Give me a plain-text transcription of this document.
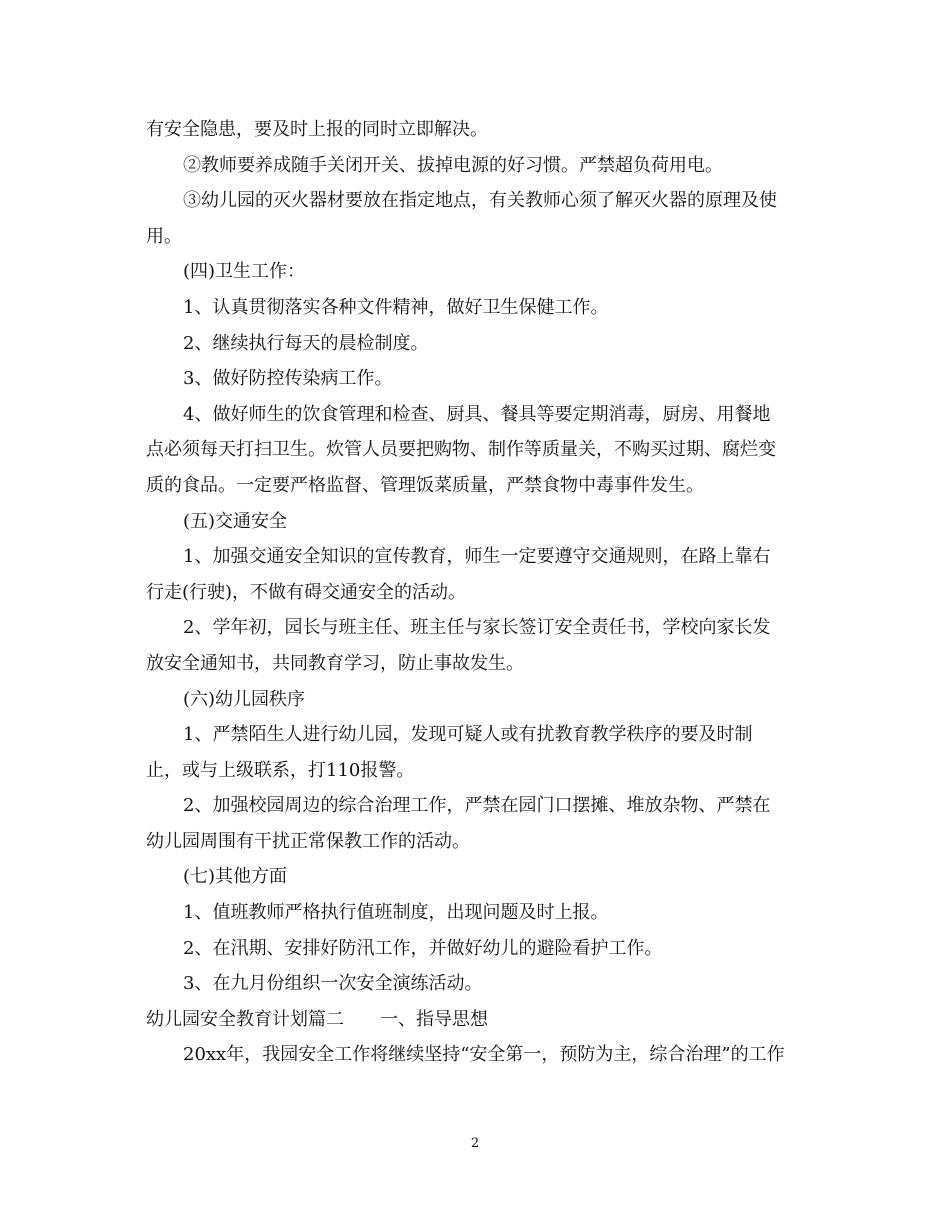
有安全隐患，要及时上报的同时立即解决。
②教师要养成随手关闭开关、拔掉电源的好习惯。严禁超负荷用电。
③幼儿园的灭火器材要放在指定地点，有关教师心须了解灭火器的原理及使
用。
(四)卫生工作：
1、认真贯彻落实各种文件精神，做好卫生保健工作。
2、继续执行每天的晨检制度。
3、做好防控传染病工作。
4、做好师生的饮食管理和检查、厨具、餐具等要定期消毒，厨房、用餐地
点必须每天打扫卫生。炊管人员要把购物、制作等质量关，不购买过期、腐烂变
质的食品。一定要严格监督、管理饭菜质量，严禁食物中毒事件发生。
(五)交通安全
1、加强交通安全知识的宣传教育，师生一定要遵守交通规则，在路上靠右
行走(行驶)，不做有碍交通安全的活动。
2、学年初，园长与班主任、班主任与家长签订安全责任书，学校向家长发
放安全通知书，共同教育学习，防止事故发生。
(六)幼儿园秩序
1、严禁陌生人进行幼儿园，发现可疑人或有扰教育教学秩序的要及时制
止，或与上级联系，打110报警。
2、加强校园周边的综合治理工作，严禁在园门口摆摊、堆放杂物、严禁在
幼儿园周围有干扰正常保教工作的活动。
(七)其他方面
1、值班教师严格执行值班制度，出现问题及时上报。
2、在汛期、安排好防汛工作，并做好幼儿的避险看护工作。
3、在九月份组织一次安全演练活动。
幼儿园安全教育计划篇二 一、指导思想
20xx年，我园安全工作将继续坚持“安全第一，预防为主，综合治理”的工作
2
